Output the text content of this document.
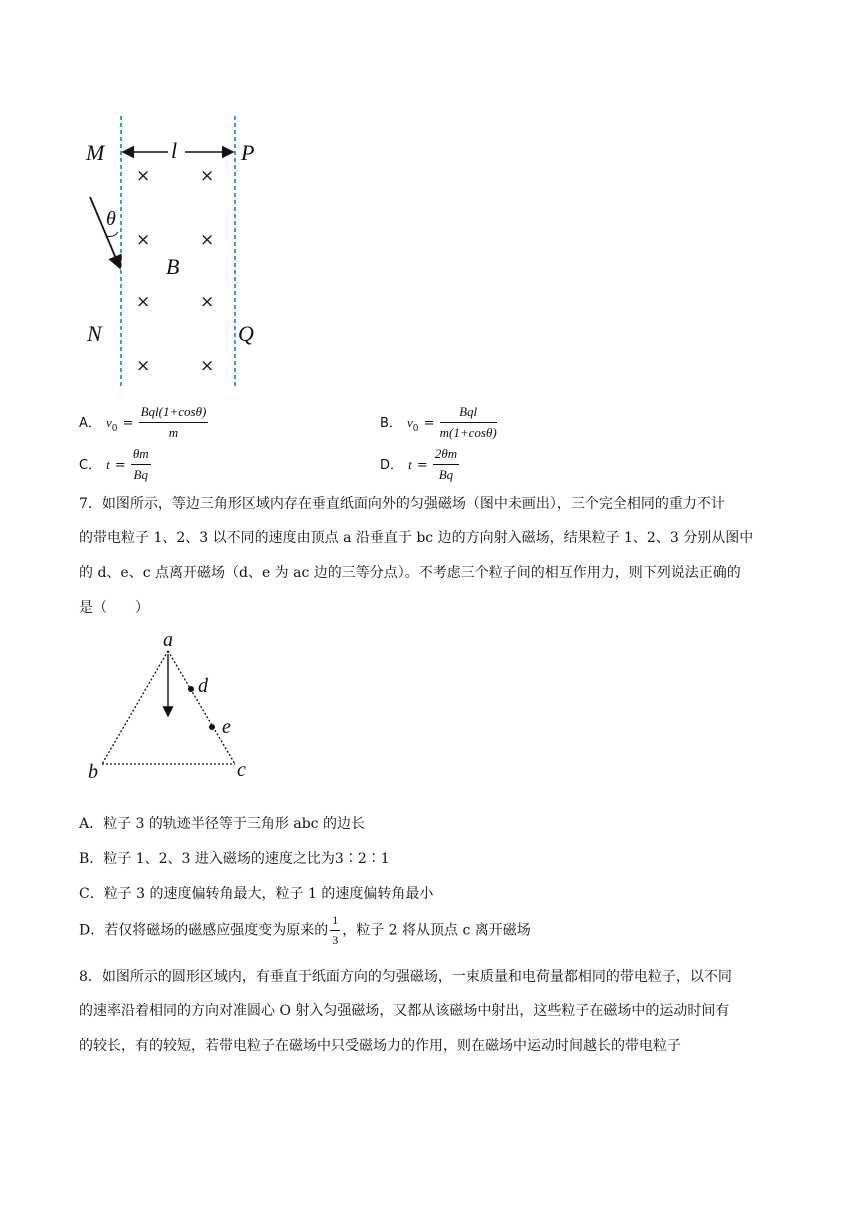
M	l	P
θ
B
N	Q
×	×
×	×
×	×
×	×
A． $v_0 = \frac{\text{Bql(1+cosθ)}}{m}$	B． $v_0 = \frac{\text{Bql}}{m(1+\cos\theta)}$
C． $t = \frac{\theta m}{Bq}$	D． $t = \frac{2\theta m}{Bq}$
7．如图所示，等边三角形区域内存在垂直纸面向外的匀强磁场（图中未画出），三个完全相同的重力不计
的带电粒子 1、2、3 以不同的速度由顶点 a 沿垂直于 bc 边的方向射入磁场，结果粒子 1、2、3 分别从图中
的 d、e、c 点离开磁场（d、e 为 ac 边的三等分点）。不考虑三个粒子间的相互作用力，则下列说法正确的
是（　　）
a
d
e
b	c
A．粒子 3 的轨迹半径等于三角形 abc 的边长
B．粒子 1、2、3 进入磁场的速度之比为3∶2∶1
C．粒子 3 的速度偏转角最大，粒子 1 的速度偏转角最小
D．若仅将磁场的磁感应强度变为原来的 $\frac{1}{3}$ ，粒子 2 将从顶点 c 离开磁场
8．如图所示的圆形区域内，有垂直于纸面方向的匀强磁场，一束质量和电荷量都相同的带电粒子，以不同
的速率沿着相同的方向对准圆心 O 射入匀强磁场，又都从该磁场中射出，这些粒子在磁场中的运动时间有
的较长，有的较短，若带电粒子在磁场中只受磁场力的作用，则在磁场中运动时间越长的带电粒子
